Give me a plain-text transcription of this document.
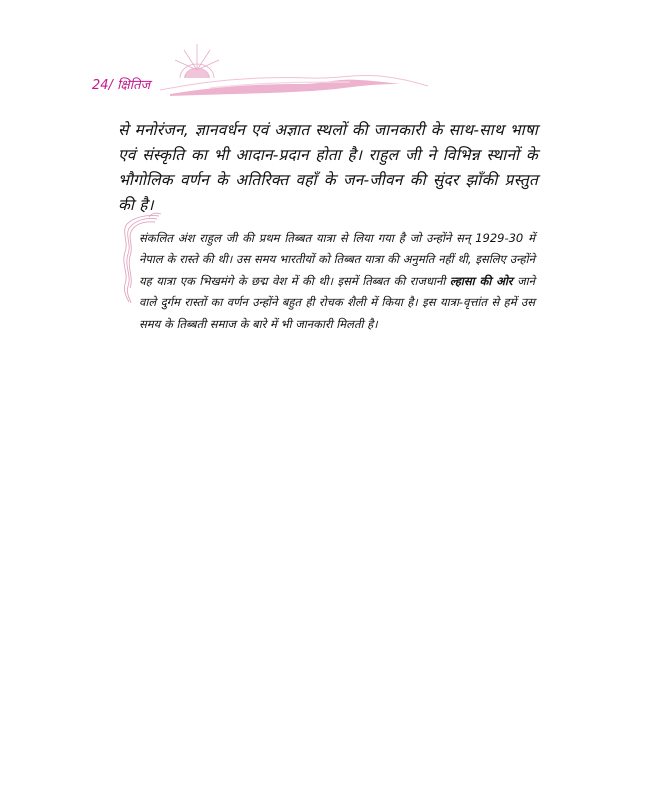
24/ क्षितिज

से मनोरंजन, ज्ञानवर्धन एवं अज्ञात स्थलों की जानकारी के साथ-साथ भाषा एवं संस्कृति का भी आदान-प्रदान होता है। राहुल जी ने विभिन्न स्थानों के भौगोलिक वर्णन के अतिरिक्त वहाँ के जन-जीवन की सुंदर झाँकी प्रस्तुत की है।

संकलित अंश राहुल जी की प्रथम तिब्बत यात्रा से लिया गया है जो उन्होंने सन् 1929-30 में नेपाल के रास्ते की थी। उस समय भारतीयों को तिब्बत यात्रा की अनुमति नहीं थी, इसलिए उन्होंने यह यात्रा एक भिखमंगे के छद्म वेश में की थी। इसमें तिब्बत की राजधानी ल्हासा की ओर जाने वाले दुर्गम रास्तों का वर्णन उन्होंने बहुत ही रोचक शैली में किया है। इस यात्रा-वृत्तांत से हमें उस समय के तिब्बती समाज के बारे में भी जानकारी मिलती है।
